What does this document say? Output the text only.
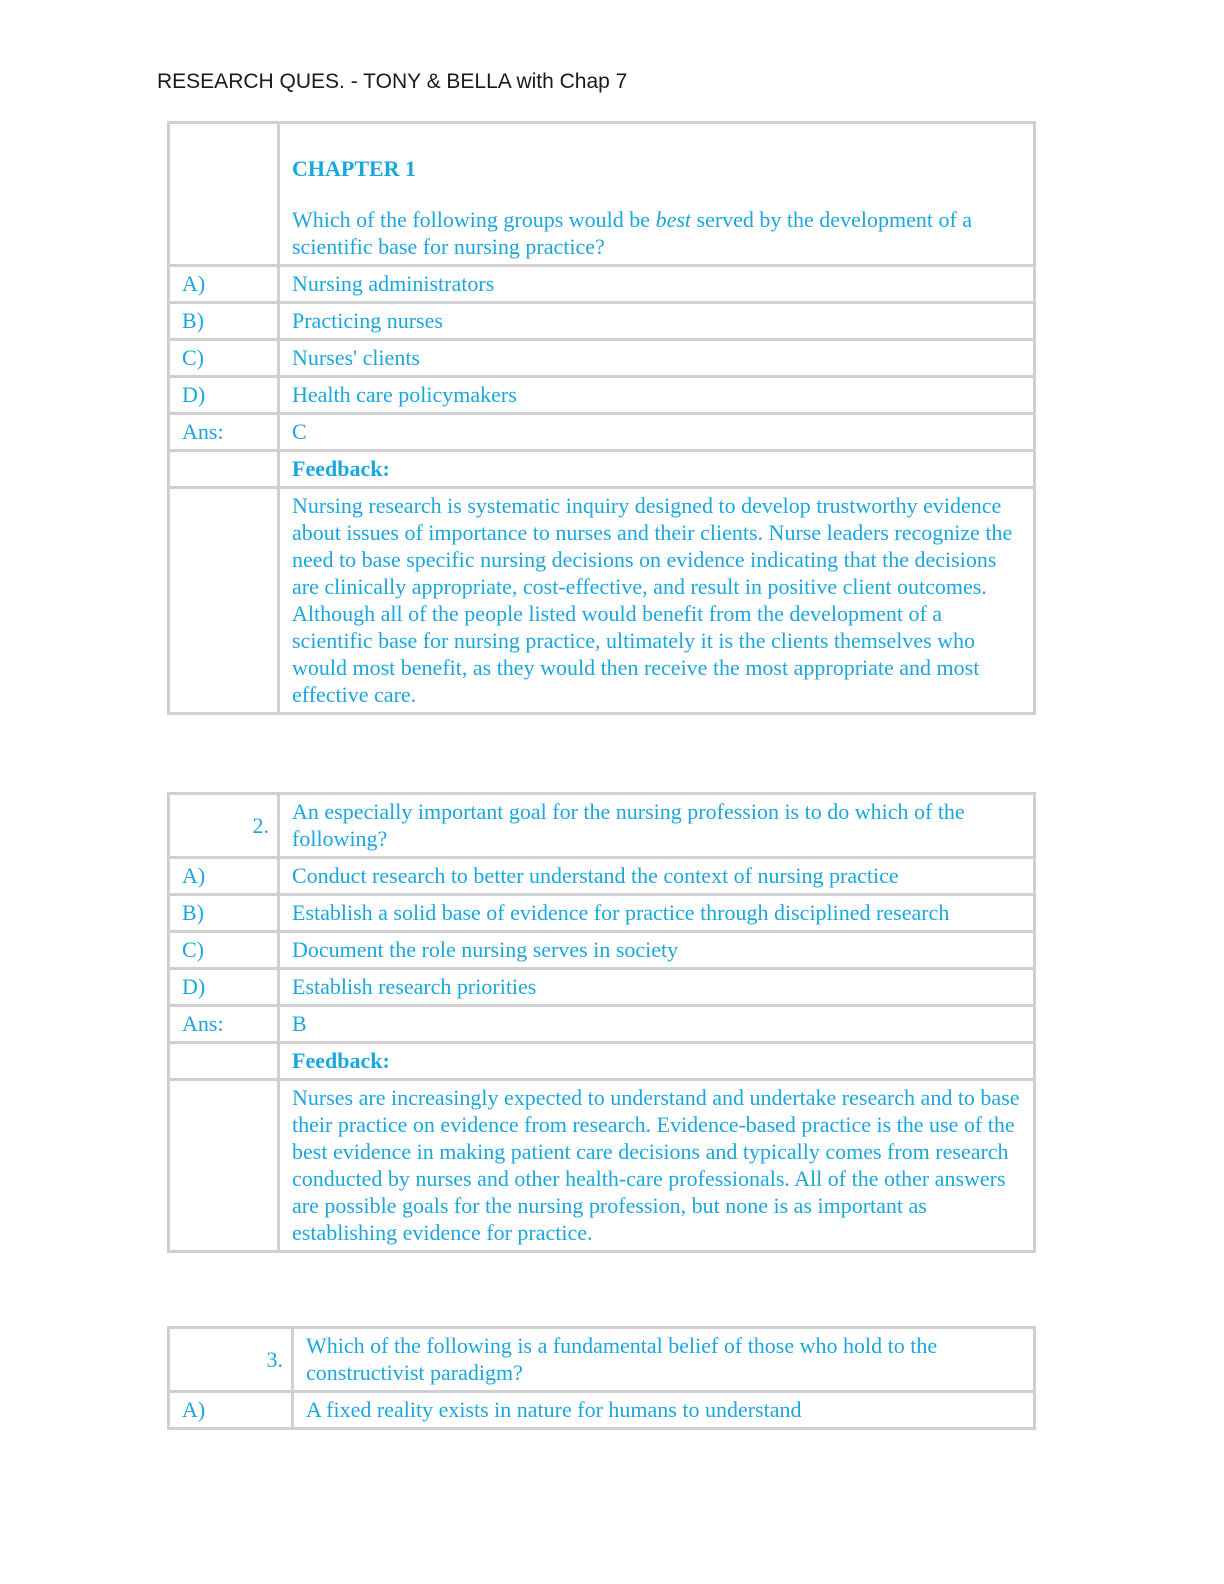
RESEARCH QUES. - TONY & BELLA with Chap 7

	CHAPTER 1
Which of the following groups would be best served by the development of a scientific base for nursing practice?
A)	Nursing administrators
B)	Practicing nurses
C)	Nurses' clients
D)	Health care policymakers
Ans:	C
	Feedback:
	Nursing research is systematic inquiry designed to develop trustworthy evidence about issues of importance to nurses and their clients. Nurse leaders recognize the need to base specific nursing decisions on evidence indicating that the decisions are clinically appropriate, cost-effective, and result in positive client outcomes. Although all of the people listed would benefit from the development of a scientific base for nursing practice, ultimately it is the clients themselves who would most benefit, as they would then receive the most appropriate and most effective care.
2.	An especially important goal for the nursing profession is to do which of the following?
A)	Conduct research to better understand the context of nursing practice
B)	Establish a solid base of evidence for practice through disciplined research
C)	Document the role nursing serves in society
D)	Establish research priorities
Ans:	B
	Feedback:
	Nurses are increasingly expected to understand and undertake research and to base their practice on evidence from research. Evidence-based practice is the use of the best evidence in making patient care decisions and typically comes from research conducted by nurses and other health-care professionals. All of the other answers are possible goals for the nursing profession, but none is as important as establishing evidence for practice.
3.	Which of the following is a fundamental belief of those who hold to the constructivist paradigm?
A)	A fixed reality exists in nature for humans to understand
